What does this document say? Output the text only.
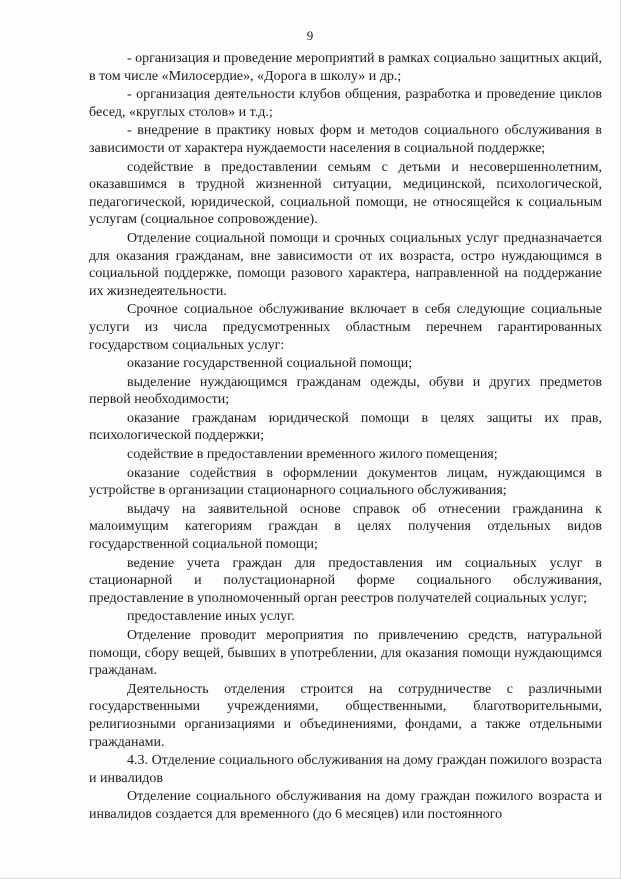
9

- организация и проведение мероприятий в рамках социально защитных акций, в том числе «Милосердие», «Дорога в школу» и др.;

- организация деятельности клубов общения, разработка и проведение циклов бесед, «круглых столов» и т.д.;

- внедрение в практику новых форм и методов социального обслуживания в зависимости от характера нуждаемости населения в социальной поддержке;

содействие в предоставлении семьям с детьми и несовершеннолетним, оказавшимся в трудной жизненной ситуации, медицинской, психологической, педагогической, юридической, социальной помощи, не относящейся к социальным услугам (социальное сопровождение).

Отделение социальной помощи и срочных социальных услуг предназначается для оказания гражданам, вне зависимости от их возраста, остро нуждающимся в социальной поддержке, помощи разового характера, направленной на поддержание их жизнедеятельности.

Срочное социальное обслуживание включает в себя следующие социальные услуги из числа предусмотренных областным перечнем гарантированных государством социальных услуг:

оказание государственной социальной помощи;

выделение нуждающимся гражданам одежды, обуви и других предметов первой необходимости;

оказание гражданам юридической помощи в целях защиты их прав, психологической поддержки;

содействие в предоставлении временного жилого помещения;

оказание содействия в оформлении документов лицам, нуждающимся в устройстве в организации стационарного социального обслуживания;

выдачу на заявительной основе справок об отнесении гражданина к малоимущим категориям граждан в целях получения отдельных видов государственной социальной помощи;

ведение учета граждан для предоставления им социальных услуг в стационарной и полустационарной форме социального обслуживания, предоставление в уполномоченный орган реестров получателей социальных услуг;

предоставление иных услуг.

Отделение проводит мероприятия по привлечению средств, натуральной помощи, сбору вещей, бывших в употреблении, для оказания помощи нуждающимся гражданам.

Деятельность отделения строится на сотрудничестве с различными государственными учреждениями, общественными, благотворительными, религиозными организациями и объединениями, фондами, а также отдельными гражданами.

4.3. Отделение социального обслуживания на дому граждан пожилого возраста и инвалидов

Отделение социального обслуживания на дому граждан пожилого возраста и инвалидов создается для временного (до 6 месяцев) или постоянного
